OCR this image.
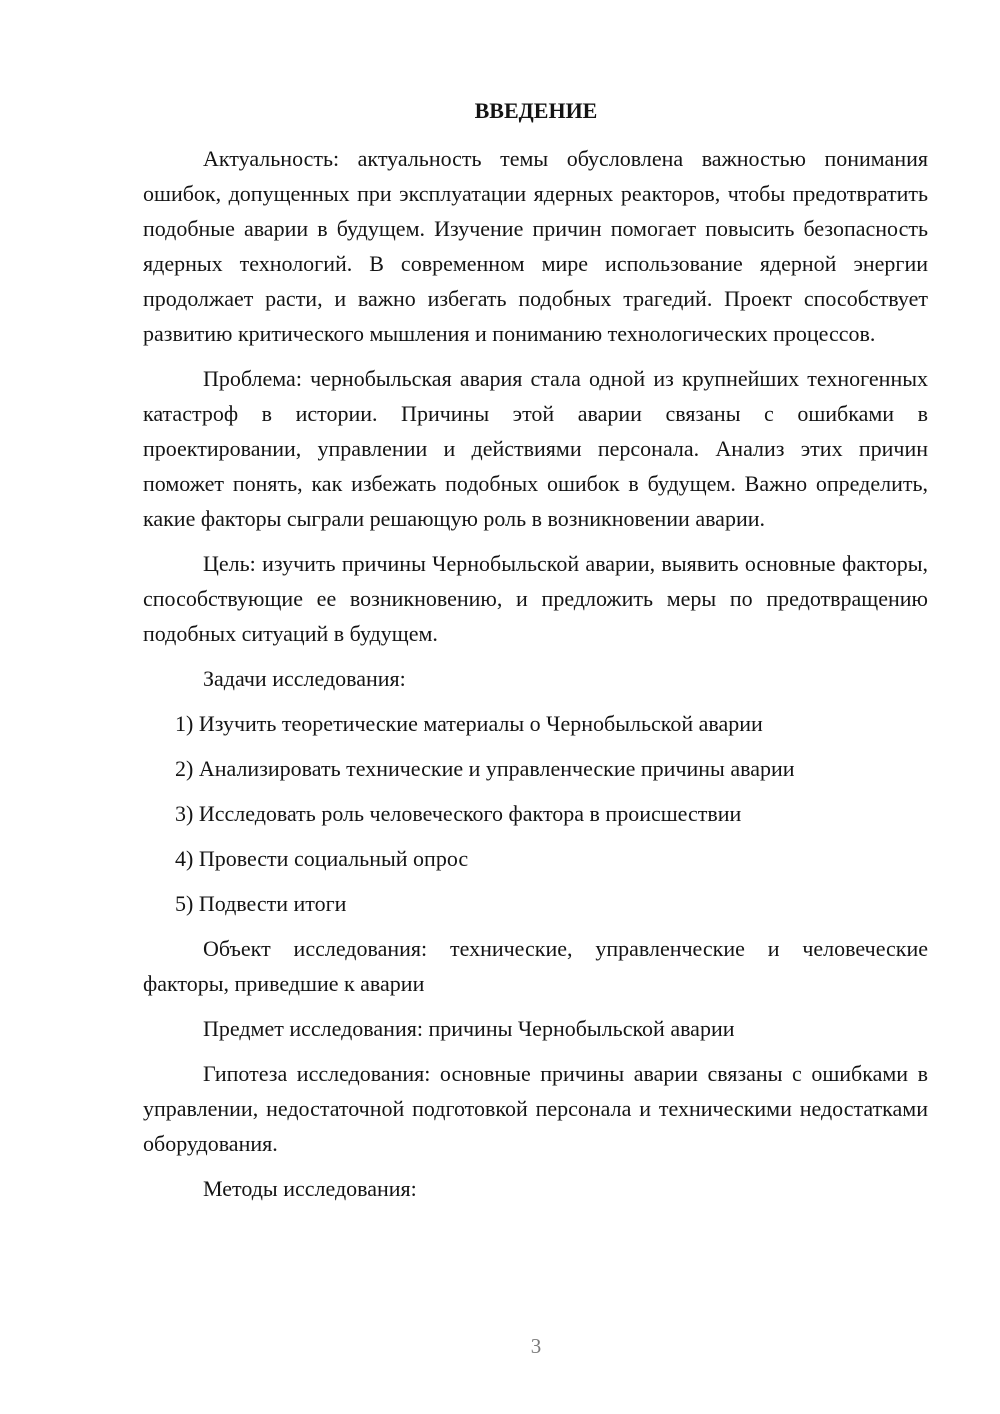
ВВЕДЕНИЕ

Актуальность: актуальность темы обусловлена важностью понимания ошибок, допущенных при эксплуатации ядерных реакторов, чтобы предотвратить подобные аварии в будущем. Изучение причин помогает повысить безопасность ядерных технологий. В современном мире использование ядерной энергии продолжает расти, и важно избегать подобных трагедий. Проект способствует развитию критического мышления и пониманию технологических процессов.

Проблема: чернобыльская авария стала одной из крупнейших техногенных катастроф в истории. Причины этой аварии связаны с ошибками в проектировании, управлении и действиями персонала. Анализ этих причин поможет понять, как избежать подобных ошибок в будущем. Важно определить, какие факторы сыграли решающую роль в возникновении аварии.

Цель: изучить причины Чернобыльской аварии, выявить основные факторы, способствующие ее возникновению, и предложить меры по предотвращению подобных ситуаций в будущем.

Задачи исследования:

1) Изучить теоретические материалы о Чернобыльской аварии
2) Анализировать технические и управленческие причины аварии
3) Исследовать роль человеческого фактора в происшествии
4) Провести социальный опрос
5) Подвести итоги

Объект исследования: технические, управленческие и человеческие факторы, приведшие к аварии

Предмет исследования: причины Чернобыльской аварии

Гипотеза исследования: основные причины аварии связаны с ошибками в управлении, недостаточной подготовкой персонала и техническими недостатками оборудования.

Методы исследования:

3
